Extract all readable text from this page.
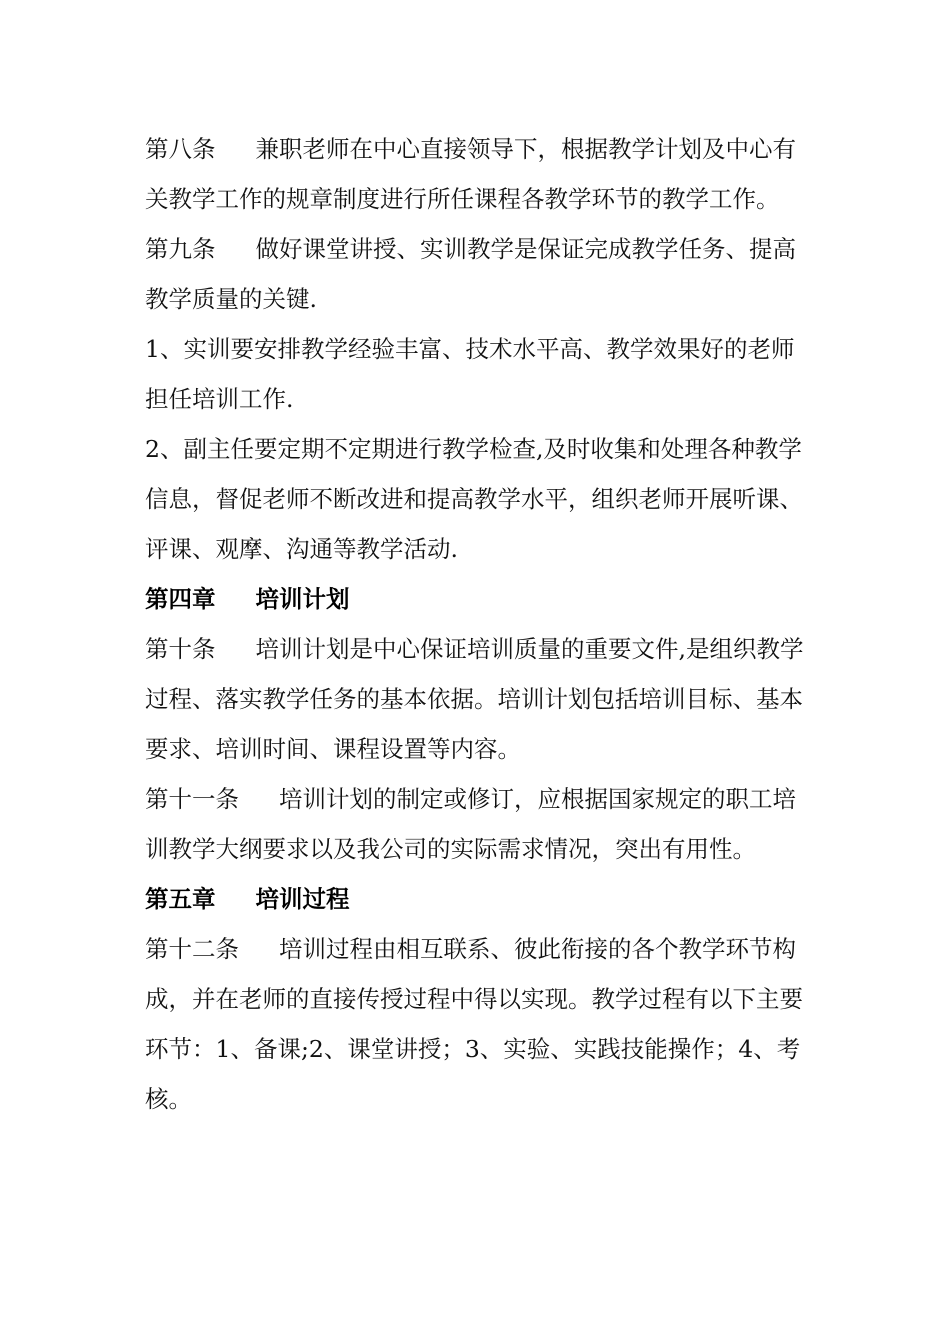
第八条 兼职老师在中心直接领导下，根据教学计划及中心有关教学工作的规章制度进行所任课程各教学环节的教学工作。

第九条 做好课堂讲授、实训教学是保证完成教学任务、提高教学质量的关键.

1、实训要安排教学经验丰富、技术水平高、教学效果好的老师担任培训工作.

2、副主任要定期不定期进行教学检查,及时收集和处理各种教学信息，督促老师不断改进和提高教学水平，组织老师开展听课、评课、观摩、沟通等教学活动.

第四章 培训计划

第十条 培训计划是中心保证培训质量的重要文件,是组织教学过程、落实教学任务的基本依据。培训计划包括培训目标、基本要求、培训时间、课程设置等内容。

第十一条 培训计划的制定或修订，应根据国家规定的职工培训教学大纲要求以及我公司的实际需求情况，突出有用性。

第五章 培训过程

第十二条 培训过程由相互联系、彼此衔接的各个教学环节构成，并在老师的直接传授过程中得以实现。教学过程有以下主要环节：1、备课;2、课堂讲授；3、实验、实践技能操作；4、考核。
